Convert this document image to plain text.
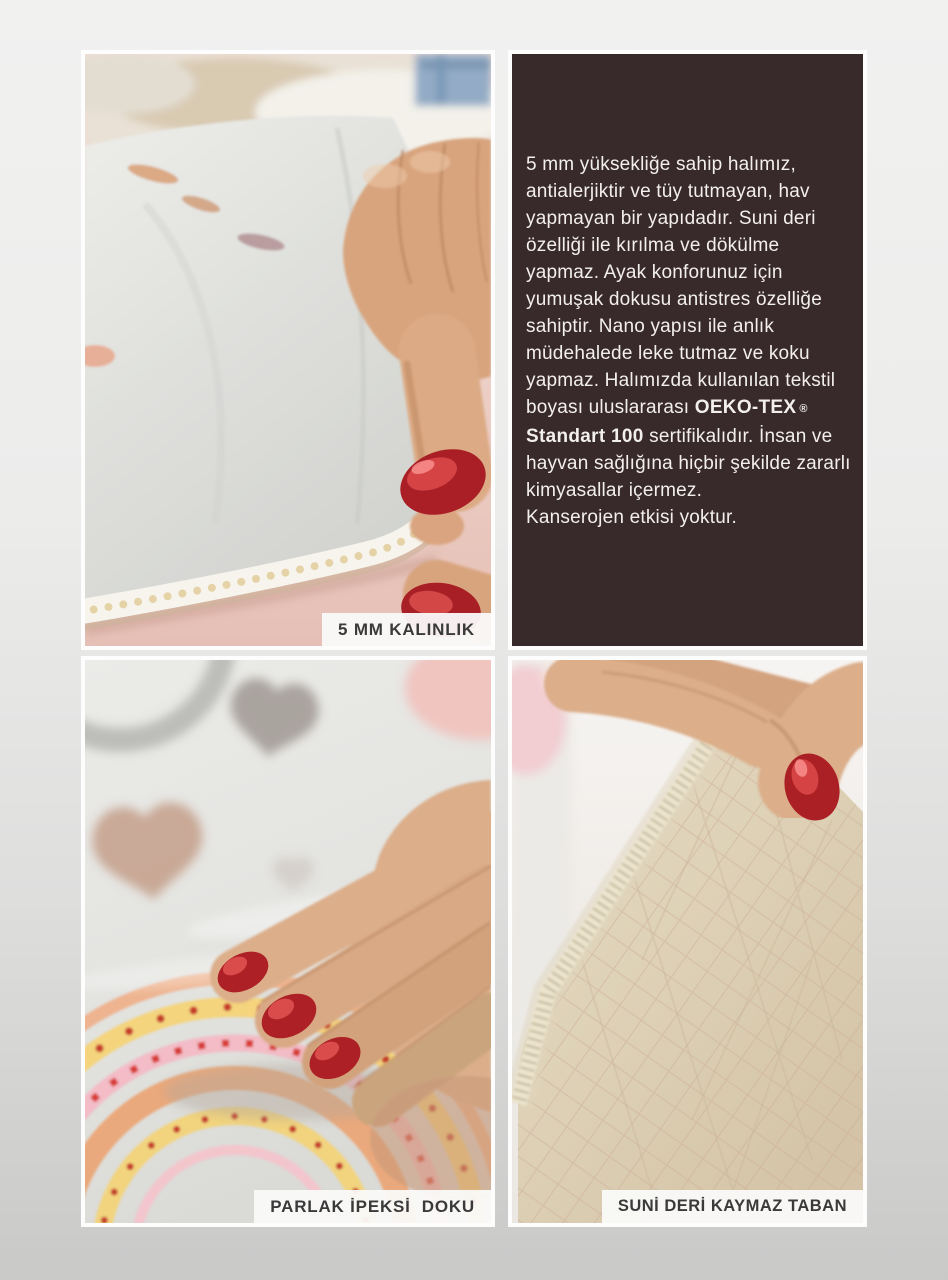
5 MM KALINLIK

5 mm yüksekliğe sahip halımız, antialerjiktir ve tüy tutmayan, hav yapmayan bir yapıdadır. Suni deri özelliği ile kırılma ve dökülme yapmaz. Ayak konforunuz için yumuşak dokusu antistres özelliğe sahiptir. Nano yapısı ile anlık müdehalede leke tutmaz ve koku yapmaz. Halımızda kullanılan tekstil boyası uluslararası OEKO-TEX ® Standart 100 sertifikalıdır. İnsan ve hayvan sağlığına hiçbir şekilde zararlı kimyasallar içermez.
Kanserojen etkisi yoktur.

PARLAK İPEKSİ  DOKU	SUNİ DERİ KAYMAZ TABAN
